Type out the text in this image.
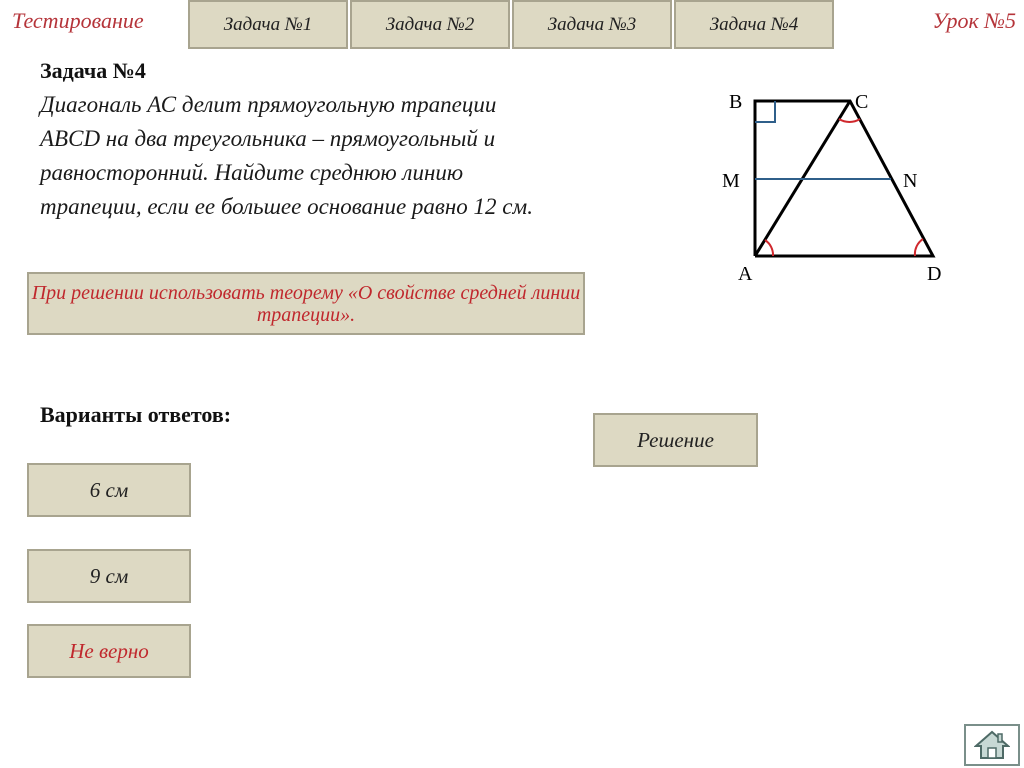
Тестирование	Урок №5
Задача №1	Задача №2	Задача №3	Задача №4
Задача №4
Диагональ АС делит прямоугольную трапеции ABCD на два треугольника – прямоугольный и равносторонний. Найдите среднюю линию трапеции, если ее большее основание равно 12 см.
При решении использовать теорему «О свойстве средней линии трапеции».
B	C
M	N
A	D
Варианты ответов:
6 см
9 см
Не верно
Решение
